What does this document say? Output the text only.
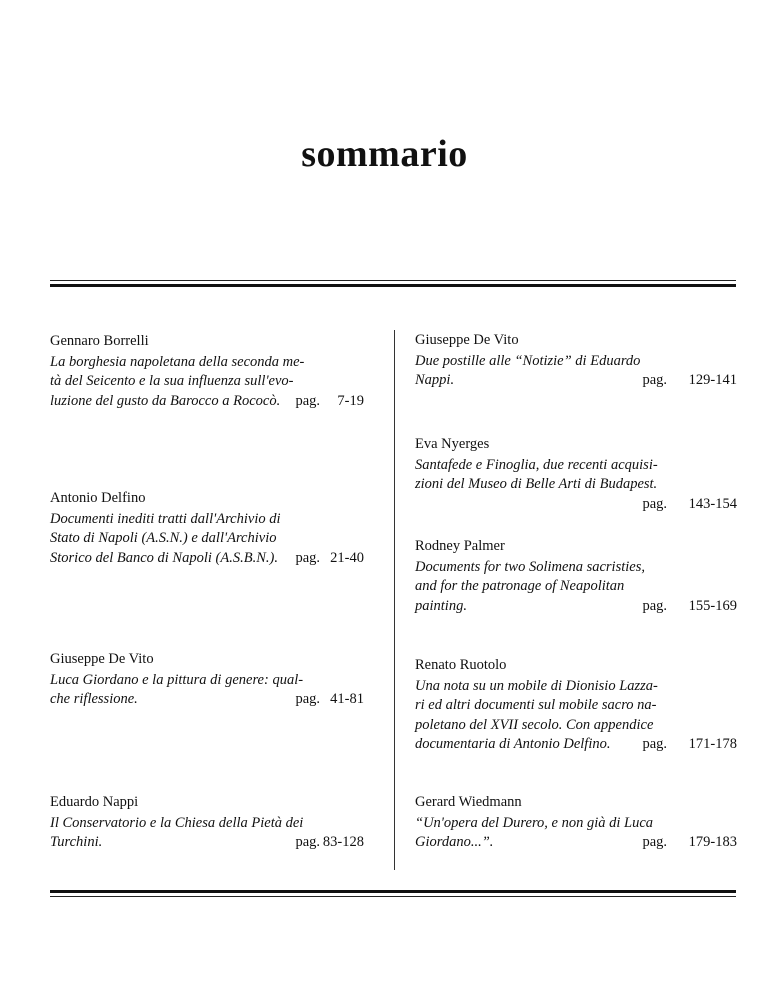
sommario
Gennaro Borrelli
La borghesia napoletana della seconda me-
tà del Seicento e la sua influenza sull'evo-
luzione del gusto da Barocco a Rococò. pag. 7-19
Antonio Delfino
Documenti inediti tratti dall'Archivio di
Stato di Napoli (A.S.N.) e dall'Archivio
Storico del Banco di Napoli (A.S.B.N.). pag. 21-40
Giuseppe De Vito
Luca Giordano e la pittura di genere: qual-
che riflessione.	pag. 41-81
Eduardo Nappi
Il Conservatorio e la Chiesa della Pietà dei
Turchini.	pag. 83-128
Giuseppe De Vito
Due postille alle “Notizie” di Eduardo
Nappi.	pag. 129-141
Eva Nyerges
Santafede e Finoglia, due recenti acquisi-
zioni del Museo di Belle Arti di Budapest.
pag. 143-154
Rodney Palmer
Documents for two Solimena sacristies,
and for the patronage of Neapolitan
painting.	pag. 155-169
Renato Ruotolo
Una nota su un mobile di Dionisio Lazza-
ri ed altri documenti sul mobile sacro na-
poletano del XVII secolo. Con appendice
documentaria di Antonio Delfino. pag. 171-178
Gerard Wiedmann
“Un'opera del Durero, e non già di Luca
Giordano...”.	pag. 179-183
